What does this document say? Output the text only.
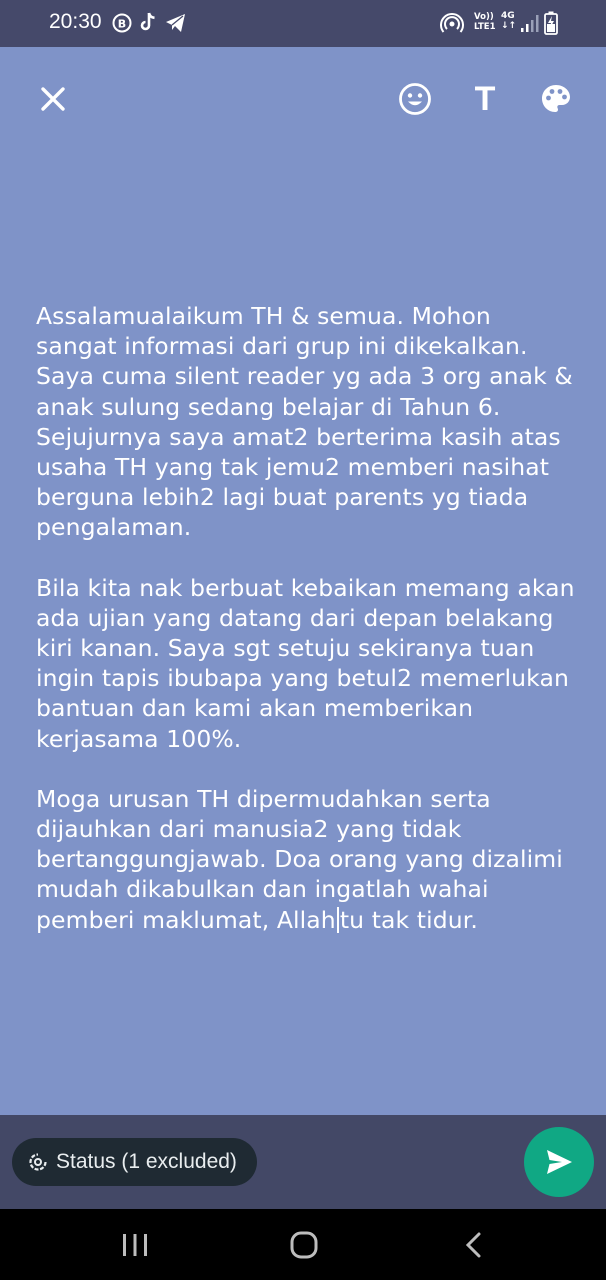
20:30 B
Vo))
LTE1
4G
↓↑
T

Assalamualaikum TH & semua. Mohon sangat informasi dari grup ini dikekalkan. Saya cuma silent reader yg ada 3 org anak & anak sulung sedang belajar di Tahun 6. Sejujurnya saya amat2 berterima kasih atas usaha TH yang tak jemu2 memberi nasihat berguna lebih2 lagi buat parents yg tiada pengalaman.

Bila kita nak berbuat kebaikan memang akan ada ujian yang datang dari depan belakang kiri kanan. Saya sgt setuju sekiranya tuan ingin tapis ibubapa yang betul2 memerlukan bantuan dan kami akan memberikan kerjasama 100%.

Moga urusan TH dipermudahkan serta dijauhkan dari manusia2 yang tidak bertanggungjawab. Doa orang yang dizalimi mudah dikabulkan dan ingatlah wahai pemberi maklumat, Allah tu tak tidur.

Status (1 excluded)
